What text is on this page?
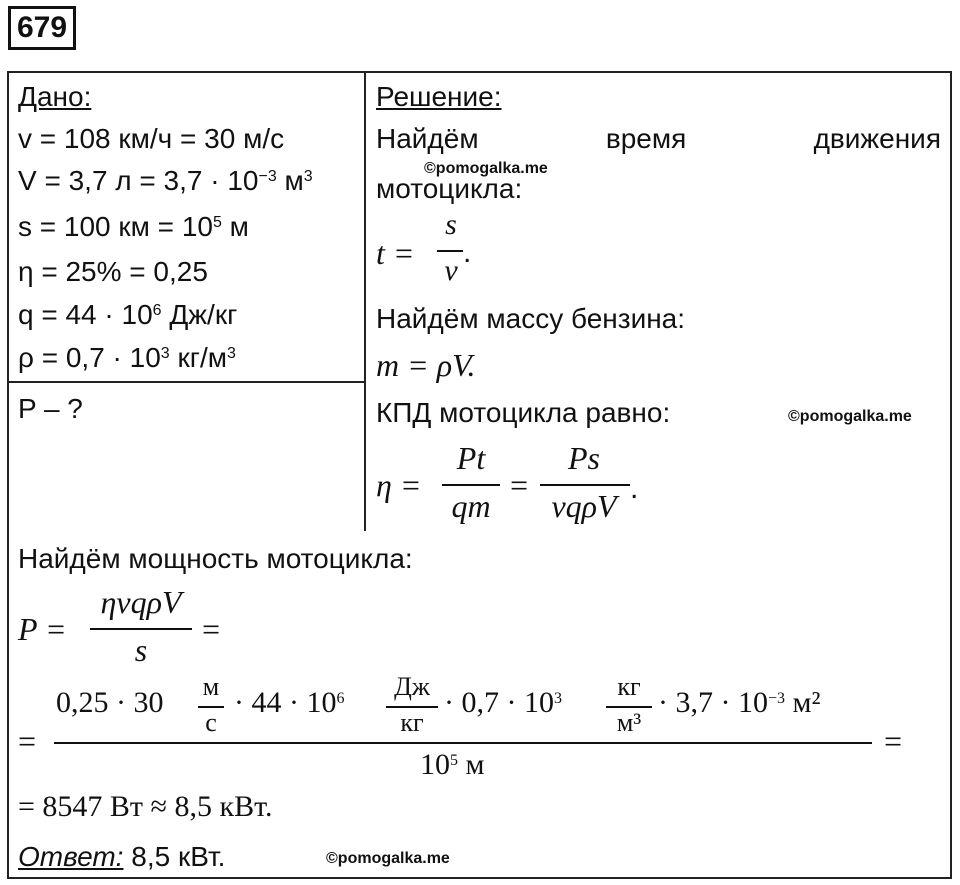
679
Дано:
v = 108 км/ч = 30 м/с
V = 3,7 $л = 3,7 \cdot 10^{-3}$ $м^3$
s = 100 км = $10^5$ м
η = 25% = 0,25
$q = 44 \cdot 10^6$ Дж/кг
$\rho = 0,7 \cdot 10^3$ $кг/м^3$
P – ?
Решение:
Найдём	время	движения
мотоцикла:
t =
s
v
.
Найдём массу бензина:
m = ρV.
КПД мотоцикла равно:
η =
Pt
qm
=
Ps
vqρV .
Найдём мощность мотоцикла:
P =
ηvqρV
s
=
=
0,25 · 30 м
с
· $44 \cdot 10^6$	Дж
кг
· $0,7 \cdot 10^3$	кг
м³
· $3,7 \cdot 10^{-3}$ м²
$10^5$ м
=
= 8547 Вт ≈ 8,5 кВт.
Ответ: 8,5 кВт.
©pomogalka.me
©pomogalka.me
©pomogalka.me
